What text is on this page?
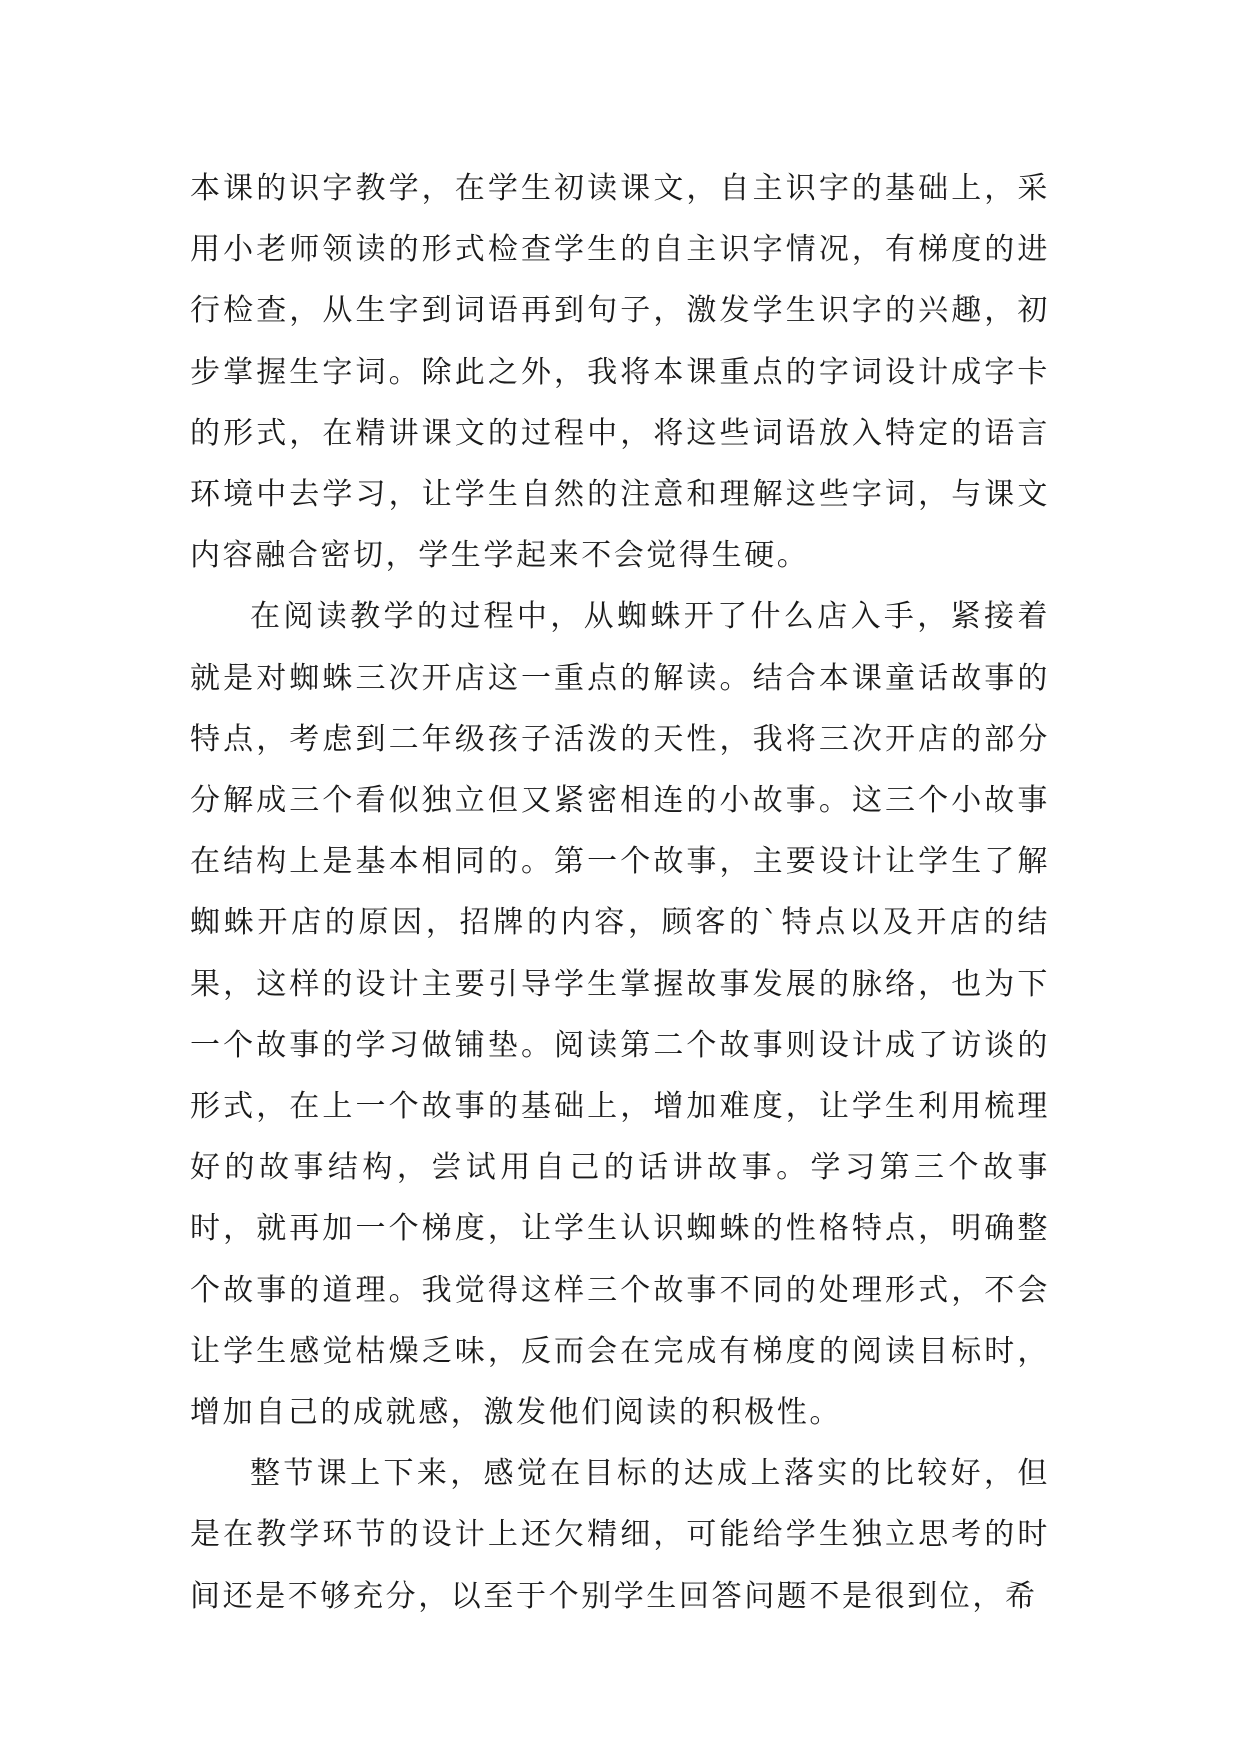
本课的识字教学，在学生初读课文，自主识字的基础上，采用小老师领读的形式检查学生的自主识字情况，有梯度的进行检查，从生字到词语再到句子，激发学生识字的兴趣，初步掌握生字词。除此之外，我将本课重点的字词设计成字卡的形式，在精讲课文的过程中，将这些词语放入特定的语言环境中去学习，让学生自然的注意和理解这些字词，与课文内容融合密切，学生学起来不会觉得生硬。

在阅读教学的过程中，从蜘蛛开了什么店入手，紧接着就是对蜘蛛三次开店这一重点的解读。结合本课童话故事的特点，考虑到二年级孩子活泼的天性，我将三次开店的部分分解成三个看似独立但又紧密相连的小故事。这三个小故事在结构上是基本相同的。第一个故事，主要设计让学生了解蜘蛛开店的原因，招牌的内容，顾客的`特点以及开店的结果，这样的设计主要引导学生掌握故事发展的脉络，也为下一个故事的学习做铺垫。阅读第二个故事则设计成了访谈的形式，在上一个故事的基础上，增加难度，让学生利用梳理好的故事结构，尝试用自己的话讲故事。学习第三个故事时，就再加一个梯度，让学生认识蜘蛛的性格特点，明确整个故事的道理。我觉得这样三个故事不同的处理形式，不会让学生感觉枯燥乏味，反而会在完成有梯度的阅读目标时，增加自己的成就感，激发他们阅读的积极性。

整节课上下来，感觉在目标的达成上落实的比较好，但是在教学环节的设计上还欠精细，可能给学生独立思考的时间还是不够充分，以至于个别学生回答问题不是很到位，希
